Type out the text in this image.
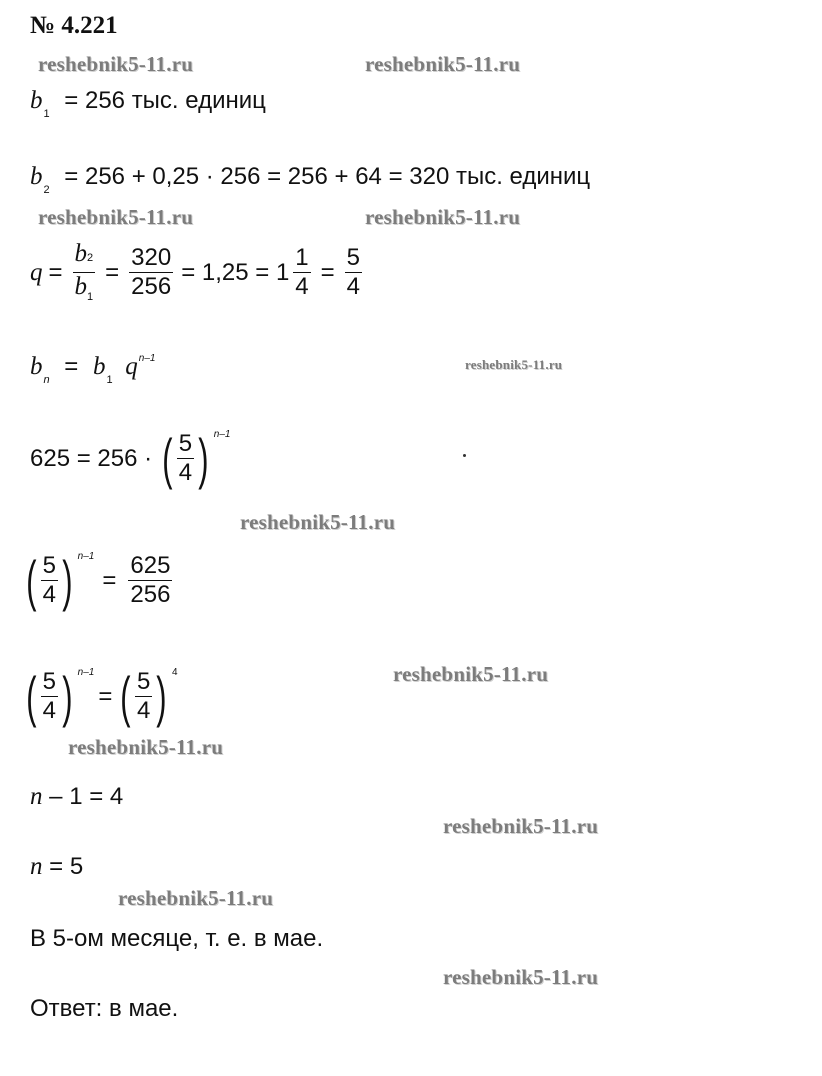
№ 4.221
reshebnik5-11.ru	reshebnik5-11.ru
reshebnik5-11.ru	reshebnik5-11.ru
reshebnik5-11.ru
reshebnik5-11.ru
reshebnik5-11.ru
reshebnik5-11.ru
reshebnik5-11.ru
reshebnik5-11.ru
reshebnik5-11.ru
$b_1 = 256$ тыс. единиц
$b_2 = 256 + 0,25 \cdot 256 = 256 + 64 = 320$ тыс. единиц
$q = \frac{b2}{b_1} = \frac{320}{256} = 1,25 = 1 \frac{1}{4} = \frac{5}{4}$
$b_n = b_1$ $q^{n-1}$
625 = 256 · ( $\frac{5}{4}$ ) n–1
( $\frac{5}{4}$ ) n–1
= $\frac{625}{256}$
( $\frac{5}{4}$ ) n–1
= ( $\frac{5}{4}$ ) 4
n – 1 = 4
n = 5
В 5-ом месяце, т. е. в мае.
Ответ: в мае.
